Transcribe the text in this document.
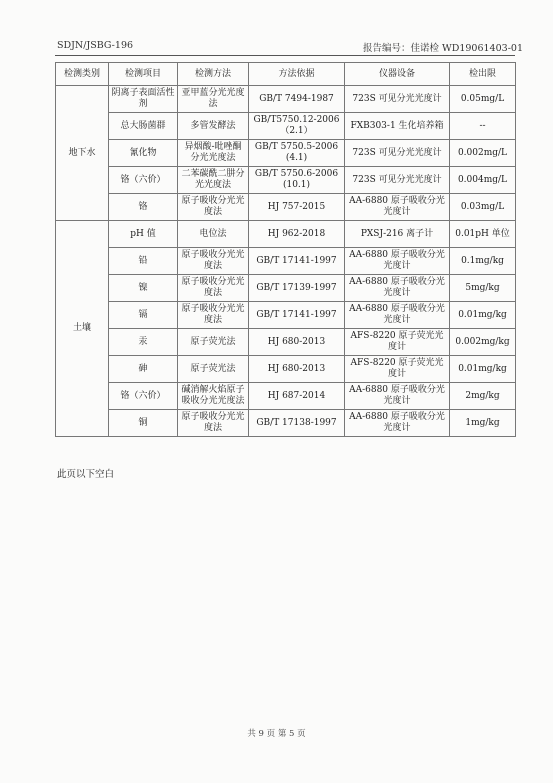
SDJN/JSBG-196	报告编号：佳诺检 WD19061403-01
检测类别	检测项目	检测方法	方法依据	仪器设备	检出限
地下水	阴离子表面活性剂	亚甲蓝分光光度法	GB/T 7494-1987	723S 可见分光光度计	0.05mg/L
	总大肠菌群	多管发酵法	GB/T5750.12-2006 （2.1）	FXB303-1 生化培养箱	--
	氰化物	异烟酸-吡唑酮分光光度法	GB/T 5750.5-2006 (4.1)	723S 可见分光光度计	0.002mg/L
	铬（六价）	二苯碳酰二肼分光光度法	GB/T 5750.6-2006 (10.1)	723S 可见分光光度计	0.004mg/L
	铬	原子吸收分光光度法	HJ 757-2015	AA-6880 原子吸收分光光度计	0.03mg/L
土壤	pH 值	电位法	HJ 962-2018	PXSJ-216 离子计	0.01pH 单位
	铅	原子吸收分光光度法	GB/T 17141-1997	AA-6880 原子吸收分光光度计	0.1mg/kg
	镍	原子吸收分光光度法	GB/T 17139-1997	AA-6880 原子吸收分光光度计	5mg/kg
	镉	原子吸收分光光度法	GB/T 17141-1997	AA-6880 原子吸收分光光度计	0.01mg/kg
	汞	原子荧光法	HJ 680-2013	AFS-8220 原子荧光光度计	0.002mg/kg
	砷	原子荧光法	HJ 680-2013	AFS-8220 原子荧光光度计	0.01mg/kg
	铬（六价）	碱消解火焰原子吸收分光光度法	HJ 687-2014	AA-6880 原子吸收分光光度计	2mg/kg
	铜	原子吸收分光光度法	GB/T 17138-1997	AA-6880 原子吸收分光光度计	1mg/kg
此页以下空白
共 9 页 第 5 页
